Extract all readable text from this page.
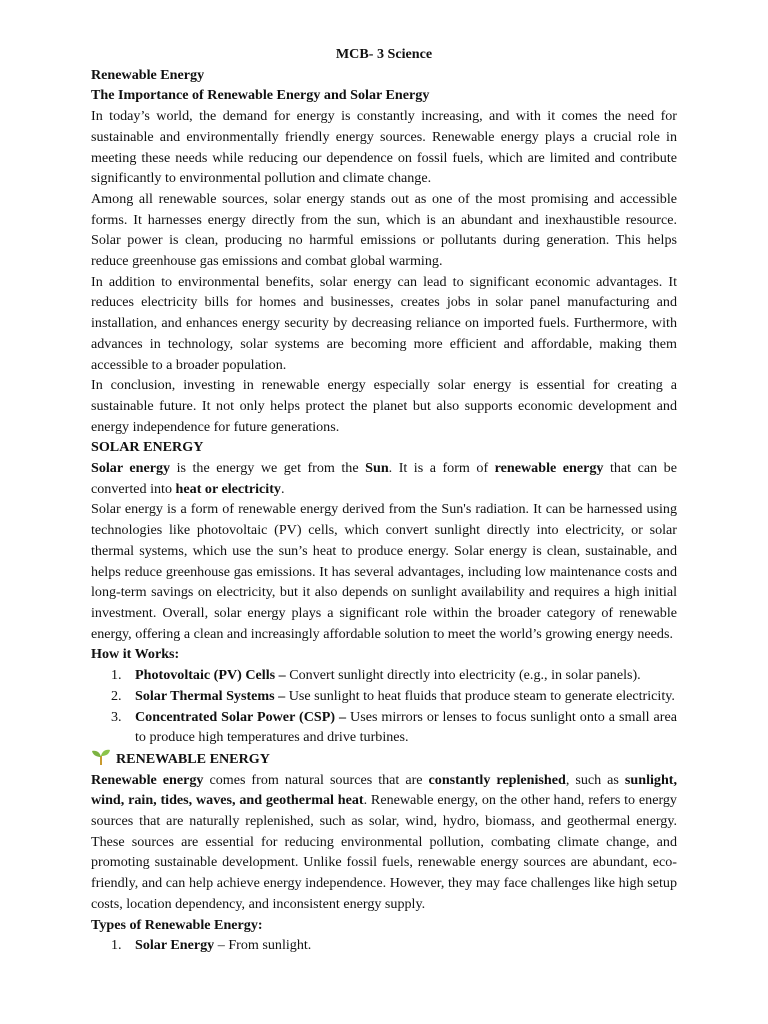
MCB- 3 Science
Renewable Energy
The Importance of Renewable Energy and Solar Energy

In today’s world, the demand for energy is constantly increasing, and with it comes the need for sustainable and environmentally friendly energy sources. Renewable energy plays a crucial role in meeting these needs while reducing our dependence on fossil fuels, which are limited and contribute significantly to environmental pollution and climate change.

Among all renewable sources, solar energy stands out as one of the most promising and accessible forms. It harnesses energy directly from the sun, which is an abundant and inexhaustible resource. Solar power is clean, producing no harmful emissions or pollutants during generation. This helps reduce greenhouse gas emissions and combat global warming.

In addition to environmental benefits, solar energy can lead to significant economic advantages. It reduces electricity bills for homes and businesses, creates jobs in solar panel manufacturing and installation, and enhances energy security by decreasing reliance on imported fuels. Furthermore, with advances in technology, solar systems are becoming more efficient and affordable, making them accessible to a broader population.

In conclusion, investing in renewable energy especially solar energy is essential for creating a sustainable future. It not only helps protect the planet but also supports economic development and energy independence for future generations.

SOLAR ENERGY

Solar energy is the energy we get from the Sun. It is a form of renewable energy that can be converted into heat or electricity.

Solar energy is a form of renewable energy derived from the Sun's radiation. It can be harnessed using technologies like photovoltaic (PV) cells, which convert sunlight directly into electricity, or solar thermal systems, which use the sun’s heat to produce energy. Solar energy is clean, sustainable, and helps reduce greenhouse gas emissions. It has several advantages, including low maintenance costs and long-term savings on electricity, but it also depends on sunlight availability and requires a high initial investment. Overall, solar energy plays a significant role within the broader category of renewable energy, offering a clean and increasingly affordable solution to meet the world’s growing energy needs.

How it Works:
1. Photovoltaic (PV) Cells – Convert sunlight directly into electricity (e.g., in solar panels).
2. Solar Thermal Systems – Use sunlight to heat fluids that produce steam to generate electricity.
3. Concentrated Solar Power (CSP) – Uses mirrors or lenses to focus sunlight onto a small area to produce high temperatures and drive turbines.
RENEWABLE ENERGY

Renewable energy comes from natural sources that are constantly replenished, such as sunlight, wind, rain, tides, waves, and geothermal heat. Renewable energy, on the other hand, refers to energy sources that are naturally replenished, such as solar, wind, hydro, biomass, and geothermal energy. These sources are essential for reducing environmental pollution, combating climate change, and promoting sustainable development. Unlike fossil fuels, renewable energy sources are abundant, eco-friendly, and can help achieve energy independence. However, they may face challenges like high setup costs, location dependency, and inconsistent energy supply.

Types of Renewable Energy:
1. Solar Energy – From sunlight.
